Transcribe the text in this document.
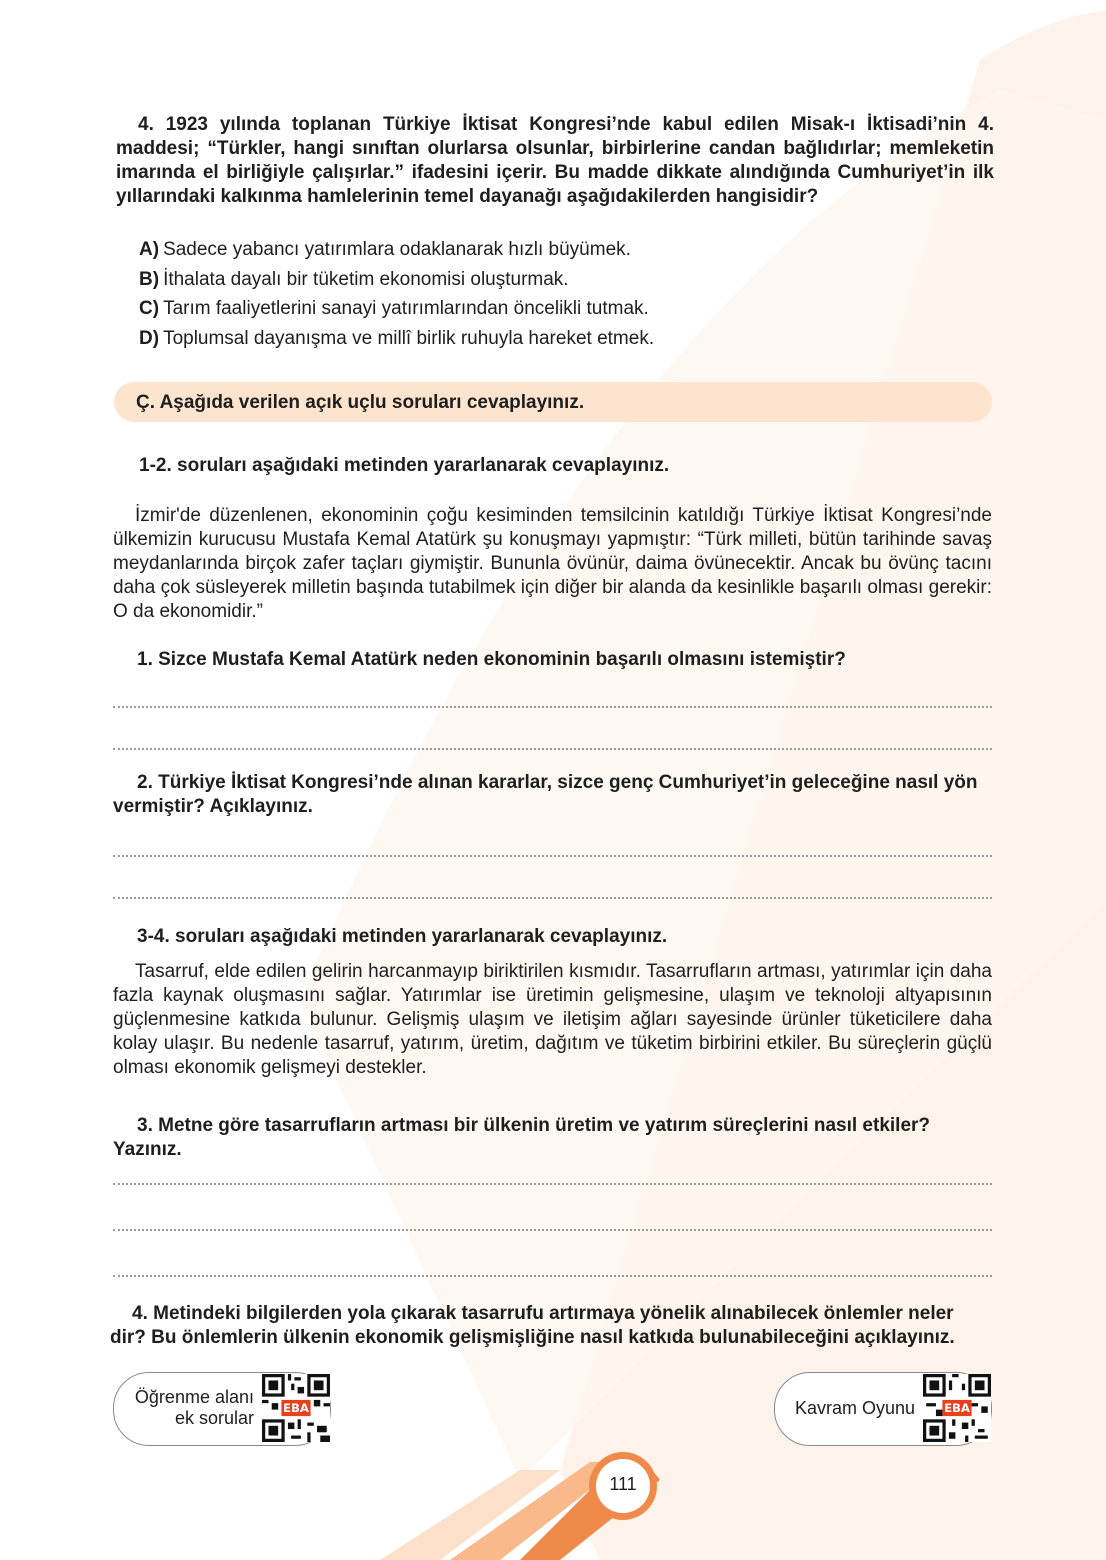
4. 1923 yılında toplanan Türkiye İktisat Kongresi’nde kabul edilen Misak-ı İktisadi’nin 4. maddesi; “Türkler, hangi sınıftan olurlarsa olsunlar, birbirlerine candan bağlıdırlar; memleketin imarında el birliğiyle çalışırlar.” ifadesini içerir. Bu madde dikkate alındığında Cumhuriyet’in ilk yıllarındaki kalkınma hamlelerinin temel dayanağı aşağıdakilerden hangisidir?
A) Sadece yabancı yatırımlara odaklanarak hızlı büyümek.
B) İthalata dayalı bir tüketim ekonomisi oluşturmak.
C) Tarım faaliyetlerini sanayi yatırımlarından öncelikli tutmak.
D) Toplumsal dayanışma ve millî birlik ruhuyla hareket etmek.
Ç. Aşağıda verilen açık uçlu soruları cevaplayınız.
1-2. soruları aşağıdaki metinden yararlanarak cevaplayınız.
İzmir'de düzenlenen, ekonominin çoğu kesiminden temsilcinin katıldığı Türkiye İktisat Kongresi’nde ülkemizin kurucusu Mustafa Kemal Atatürk şu konuşmayı yapmıştır: “Türk milleti, bütün tarihinde savaş meydanlarında birçok zafer taçları giymiştir. Bununla övünür, daima övünecektir. Ancak bu övünç tacını daha çok süsleyerek milletin başında tutabilmek için diğer bir alanda da kesinlikle başarılı olması gerekir: O da ekonomidir.”
1. Sizce Mustafa Kemal Atatürk neden ekonominin başarılı olmasını istemiştir?
2. Türkiye İktisat Kongresi’nde alınan kararlar, sizce genç Cumhuriyet’in geleceğine nasıl yön vermiştir? Açıklayınız.
3-4. soruları aşağıdaki metinden yararlanarak cevaplayınız.
Tasarruf, elde edilen gelirin harcanmayıp biriktirilen kısmıdır. Tasarrufların artması, yatırımlar için daha fazla kaynak oluşmasını sağlar. Yatırımlar ise üretimin gelişmesine, ulaşım ve teknoloji altyapısının güçlenmesine katkıda bulunur. Gelişmiş ulaşım ve iletişim ağları sayesinde ürünler tüketicilere daha kolay ulaşır. Bu nedenle tasarruf, yatırım, üretim, dağıtım ve tüketim birbirini etkiler. Bu süreçlerin güçlü olması ekonomik gelişmeyi destekler.
3. Metne göre tasarrufların artması bir ülkenin üretim ve yatırım süreçlerini nasıl etkiler? Yazınız.
4. Metindeki bilgilerden yola çıkarak tasarrufu artırmaya yönelik alınabilecek önlemler neler dir? Bu önlemlerin ülkenin ekonomik gelişmişliğine nasıl katkıda bulunabileceğini açıklayınız.
Öğrenme alanı
ek sorular	EBA	Kavram Oyunu	EBA
111
